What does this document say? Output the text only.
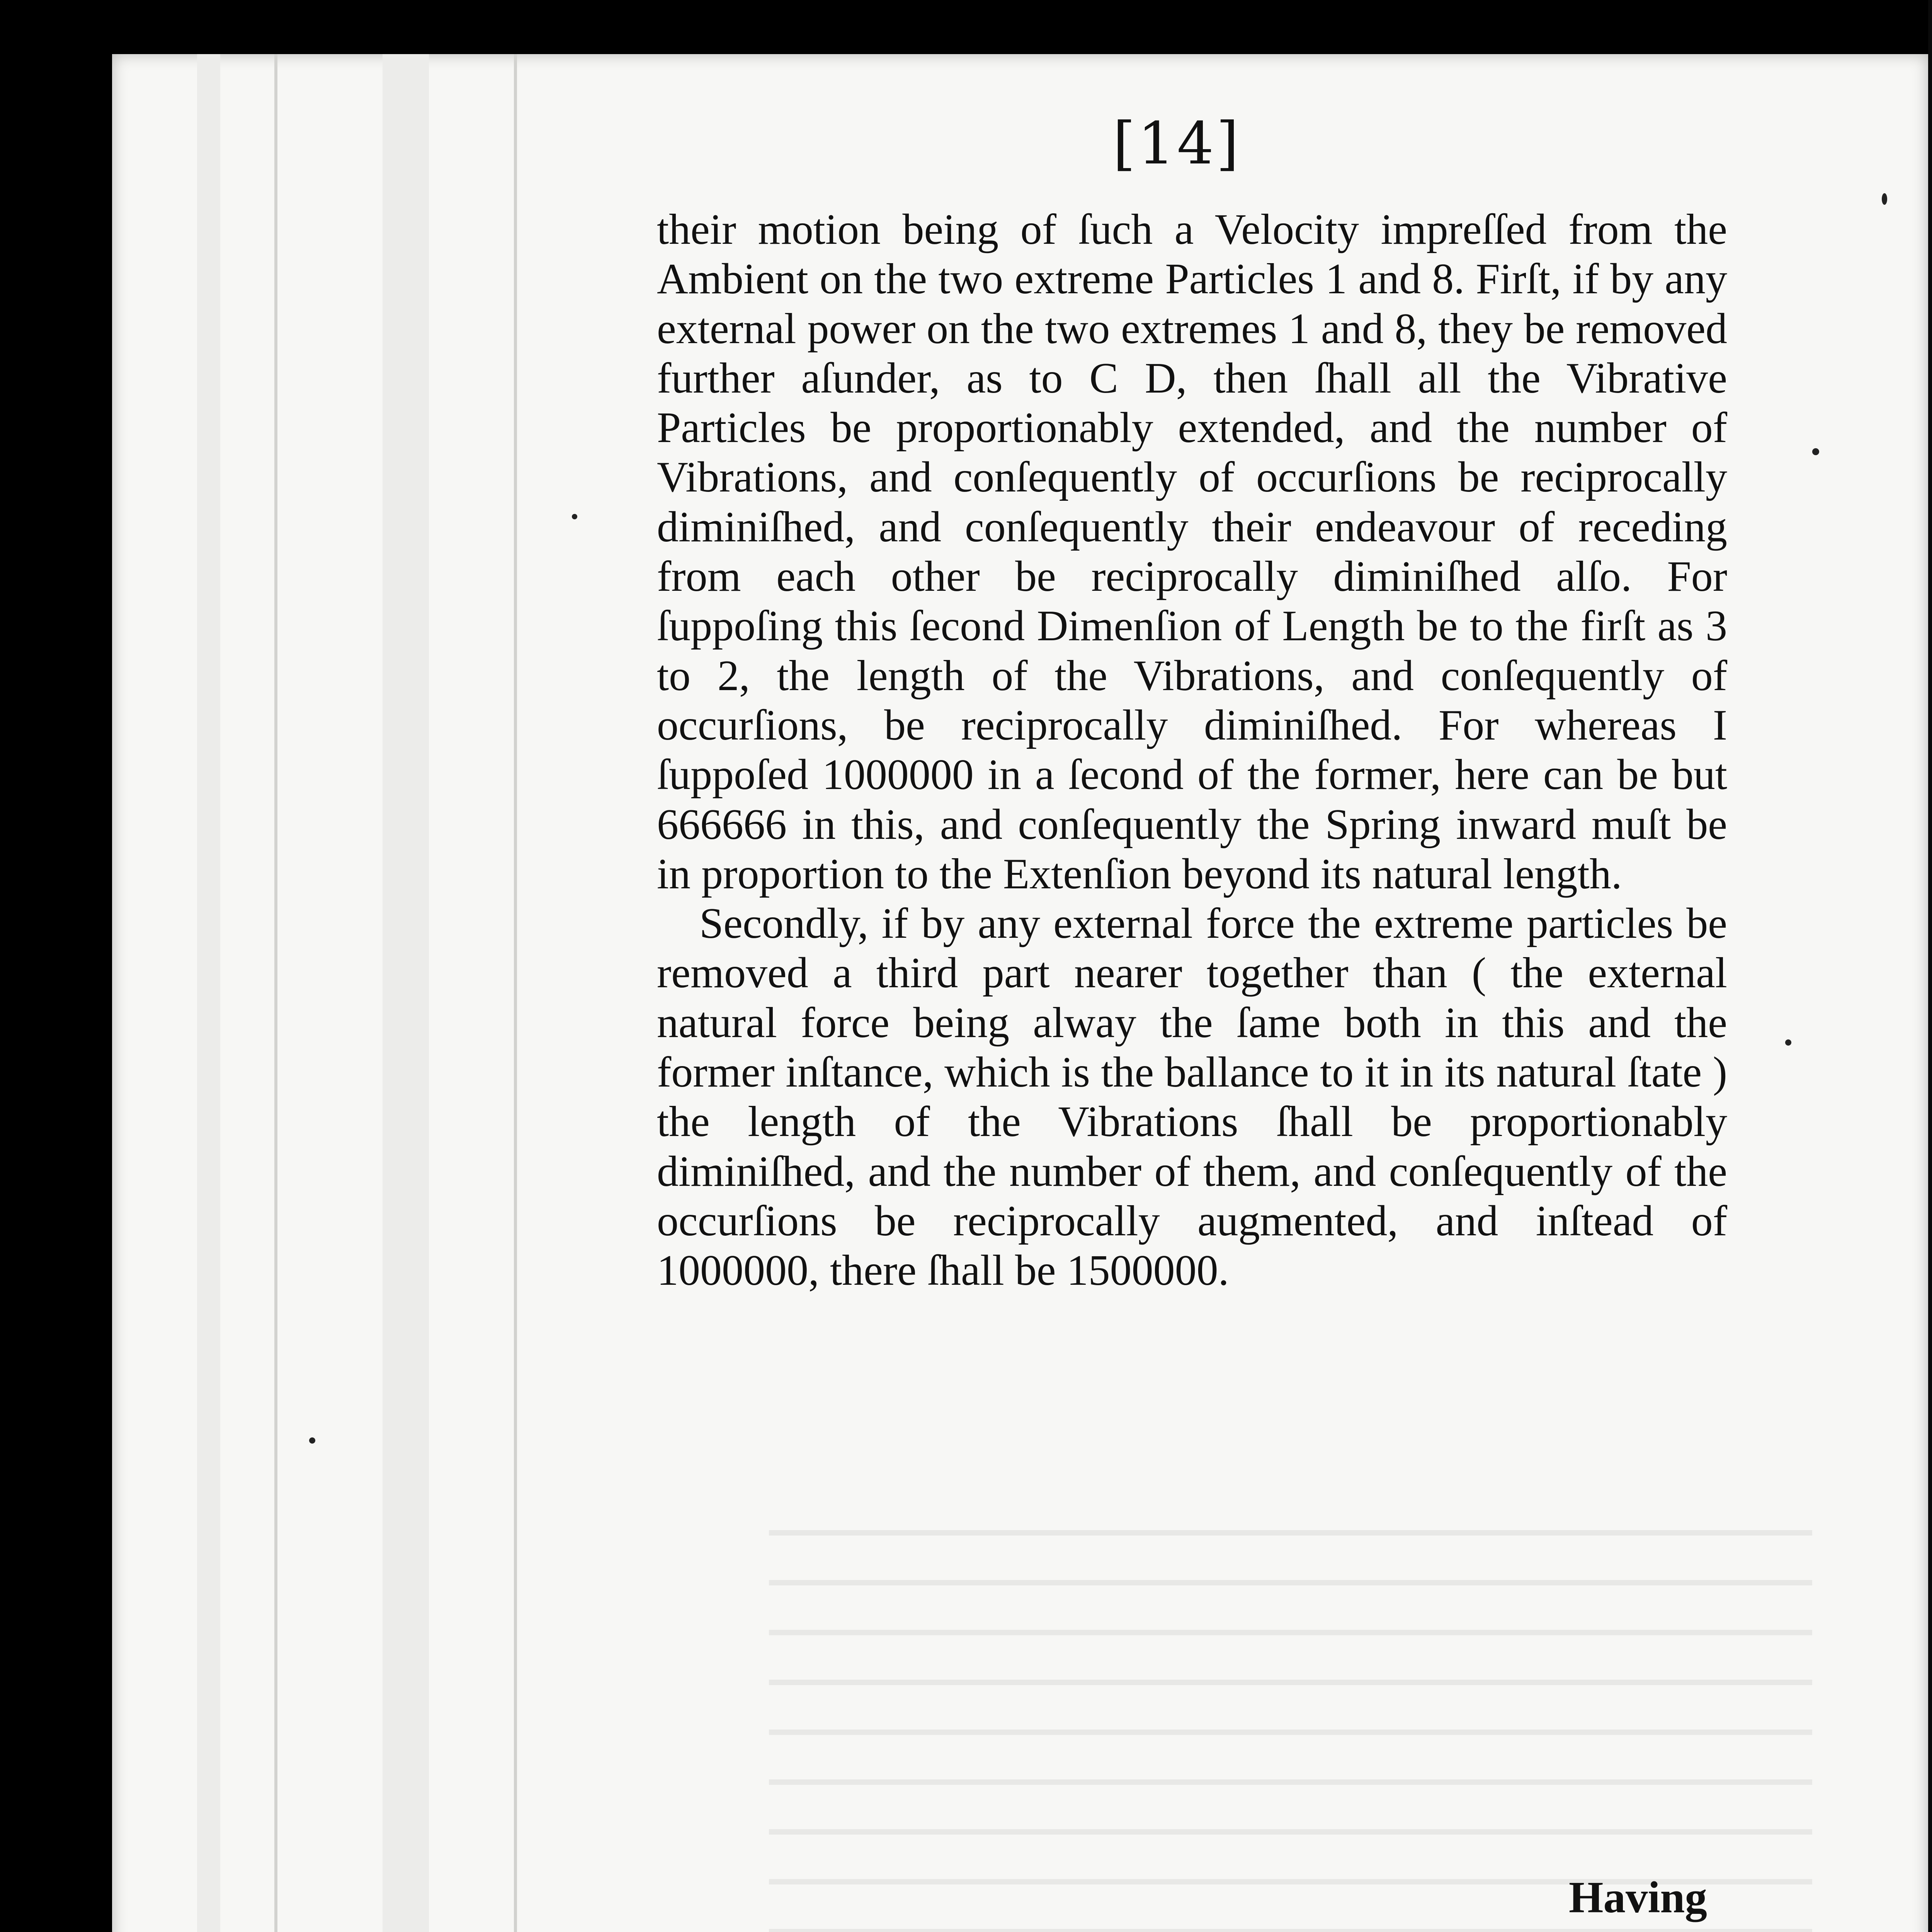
[14]

their motion being of ſuch a Velocity impreſſed from the Ambient on the two extreme Particles 1 and 8. Firſt, if by any external power on the two extremes 1 and 8, they be removed further aſunder, as to C D, then ſhall all the Vibrative Particles be proportionably extended, and the number of Vibrations, and conſequently of occurſions be reciprocally diminiſhed, and conſequently their endeavour of receding from each other be reciprocally diminiſhed alſo. For ſuppoſing this ſecond Dimenſion of Length be to the firſt as 3 to 2, the length of the Vibrations, and conſequently of occurſions, be reciprocally diminiſhed. For whereas I ſuppoſed 1000000 in a ſecond of the former, here can be but 666666 in this, and conſequently the Spring inward muſt be in proportion to the Extenſion beyond its natural length.

Secondly, if by any external force the extreme particles be removed a third part nearer together than ( the external natural force being alway the ſame both in this and the former inſtance, which is the ballance to it in its natural ſtate ) the length of the Vibrations ſhall be proportionably diminiſhed, and the number of them, and conſequently of the occurſions be reciprocally augmented, and inſtead of 1000000, there ſhall be 1500000.

Having
